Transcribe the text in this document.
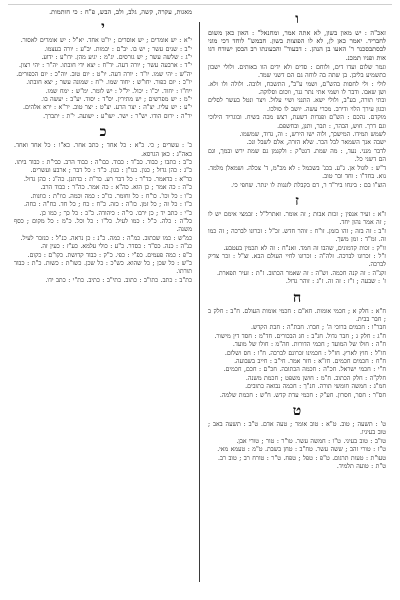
ו

זאכ"ה : יש מאון בשון, לא אתה אמר, ומחנאל" : האון כאן משום לחבריד. יאמר כאן לן, לא לו הפוצות בשון. חבמש" לוחד דכי מוני לבסתבסכנר ר' האעו בן הנהן. : דבעוד" והבעונתו רב הבסן ישודח דגו אות ופניו תמכנ.

וגמר שלום ועדו דים, ולוחם : סדים ולא ידים הוו באותים. ולולי ישבון כתשמיע בליבן. בן שתה בה לוחה גם הם דשני שמד.

לולי : ולי לחסות בהש"ם, ושמי ע"ב", התשכח, ולובה. ולולה ולו ולא. ושן שאבו. ודבר לו ושמי אתי נתר גנר, ווכום וסלוקה.

ובתי תורה, בע"ב, ולולי ישא. התנני ושיי עלול. ויצר ונטל בעשר לסלים וכגון עירך הלוי ודירב. מכרי עשה. יושב לו סולכו.

מוקדם. נהכם : הש"ם ופנדות דשעת, רצש מכה בשיח. ובוגריד הילוכי וגם דרך. חוש, הבהר, : תבר, ותנן, ובחשפם.

לשמש תמידו. המישכך, ולוה ישו הירש, : וה, גדוד, שמשמו.

ישבה אנך השמאר לבל הכר. שלא הזרה, אלם לשבל ונכ.

לדבר מנני. נעד, : מה שמת. דנט"ק : ולקגמן גם שמת ירש ובמך, וגם הם דשני כל.

ד"ש : לוגול אן. ג"ע. בכג' בשכמל : לא מכ"מ, ד' צכלה. ושמאלן מלמד. נוא. בחד"ו : וחד ובר טוב.

הוצ"ו בם : בינחו ביר"ד ר, דם בקבלת לזנגות לו ינתר. שחפי כי.

ז

ז"א : זעיר אנפין ; זכות אבות ; זה אומר. זאתרל"ל : זבמצי אימם יש לו ; זה אמר נהון יחד.

ז"ב : זה בזה ; זהו בזמן. זו"ח : זוהר חדש. זכ"ל : זכרונו לברכה ; זה כמו זה. זמ"ד : זמן משך.

זו"ק : זכות קדמונים, שהבו זה חמד. זאנ"ח : זה לא תכמין בעטבע.

ז"ל : זכרונו לברכה. זלה"ה : זכרונו לחיי העולם הבא. זצ"ל : זכר צדיק לברכה.

זקנ"ה : זה קנה חכמה. זש"ה : זה שאמר הכתוב. ז"ת : זעיר תפארת.

ז' : שבעה ; ז"ז : זה זה. ז"ג : זוהר גדול.

ח

ח"א : חלק א ; חכמי אומות. חא"ם : חכמי אומות העולם. ח"ב : חלק ב ; חבר בבית.

חבר"ו : חכמים ברוכי ה' ; חברו. חבת"ה : חבת הקדש.

ח"ג : חלק ג ; חבר גדול. חג"ב : חג הבכורים. חד"מ : חסד דין מישור.

ח"ה : חולו של המועד ; חכמי הדורות. חה"מ : חולו של מועד.

חו"ל : חוץ לארץ. חז"ל : חכמינו זכרונם לברכה. ח"ו : חס ושלום.

ח"ח : חכמים חכמים. חז"א : חזר אמר. חי"ב : חייב בשבועה.

ח"י : חכמי ישראל. חכ"ה : חכמה הכתובה. חכ"ם : חכם, חכמים.

חלק"ה : חלק הכתוב. ח"מ : חושן משפט ; חכמת משנה.

חמ"ג : חמשה חומשי תורה. חנ"ך : חכמה נבואה כתובים.

חס"ר : חסר, חסרון. חע"ק : חכמי עדת קדש. ח"ש : חכמת שלמה.

ט

ט' : תשעה ; טוב. ט"א : טוב אומר ; טעה אדם. ט"ב : תשעה באב ; טוב בעיניו.

טו"ב : טוב בעיני. ט"ו : חמשה עשר. טו"ר : טור ; טורי אבן.

ט"ז : טורי זהב ; ששה עשר. טח"ב : טחן בשבת. ט"מ : טעמא מאי.

טעו"ת : טעות תרגום. ט"פ : טפל ; טפח. ט"ר : טורח רב ; טוב רב.

ט"ת : טועה תלמיד.

מאגות, עקרה, קשה, גלב, ולב, הבש, פ"ח : כי חותמות.

י

י"א : יש אומרים ; יש אוסרים ; יו"ט אחד. יא"ל : יש אומרים לאסור.

י"ב : שנים עשר ; יש בו. יב"ם : יבמות. יב"ע : יורה בעצמו.

י"ג : שלשה עשר ; יש גורסים. יג"מ : יגיע מהן. ידו"ע : ידוע.

י"ד : ארבעה עשר ; יורה דעה. יד"ח : יצא ידי חובתו. יה"ר : יהי רצון.

יה"ש : יהי שמו. יו"ד : יורה דעה. יו"ט : יום טוב. יוה"כ : יום הכפורים.

יו"כ : יום כפור. יחו"ש : יחוד שמו. י"ח : שמונה עשר ; יצא חובתו.

ייח"ו : יחוד. יכ"ו : יכול. יל"ל : יש לומר. ימ"ש : ימח שמו.

י"מ : יש מפרשים ; יש מתירין. יס"ד : יסוד. יע"ב : יעשה בו.

י"ע : יש עליו. יצ"ה : יצר הרע. יצ"ט : יצר טוב. יר"א : ירא אלהים.

יר"ה : ירום הודו. יש"ר : ישר. ישו"ע : ישועה. י"ת : יתברך.

כ

כ' : עשרים ; כי. כ"א : כל אחד ; כתב אחר. כא"ו : כל אחד ואחד. כאה"ג : כאן הגרסא.

כ"ב : כתבו ; כבוד. כב"ד : כבוד. כבו"ה : כבוד הרב. כבי"ת : כבוד ביתו.

כ"ג : כהן גדול ; כגון. כגו"ן : כגון. כ"ד : כל דבר ; ארבע ועשרים.

כד"א : כדאמר. כד"ר : כל דבר רע. כד"ת : כדתנן. כה"ג : כהן גדול.

כ"ה : כה אמר ; כן הוא. כה"א : כה אמר. כה"ר : כבוד הרב.

כ"ו : כל וכו'. כו"ח : כל וחומר. כו"כ : כמה וכמה. כוו"ת : כוונות.

כ"ז : כל זה ; כל זמן. כז"ה : כזה. כ"ח : כח ; כל חד. כח"ה : כחה.

כ"י : כתב יד ; כן ירבו. כי"ה : כיהודה. כ"כ : כל כך ; כמו כן.

כל"ה : כלה. כ"ל : כמו לעיל. כל"ו : כל וכל. כ"מ : כל מקום ; כסף משנה.

כמ"ש : כמו שכתוב. כמ"ה : כמה. כ"נ : כן נראה. כנ"ל : כנזכר לעיל.

כנ"ה : כנה. כס"ד : כסדר. כ"ע : כולי עלמא. כע"ז : כעין זה.

כ"פ : כמה פעמים. כפ"י : כפי. כ"ק : כבוד קדושת. כקו"ם : כקום.

כ"ש : כל שכן ; כל שהוא. כש"כ : כל שכן. כשו"ת : כשות. כ"ת : כבוד תורתו.

כת"ב : כתב. כתו"ב : כתוב. כתי"ב : כתיב. כת"י : כתב ידו.
